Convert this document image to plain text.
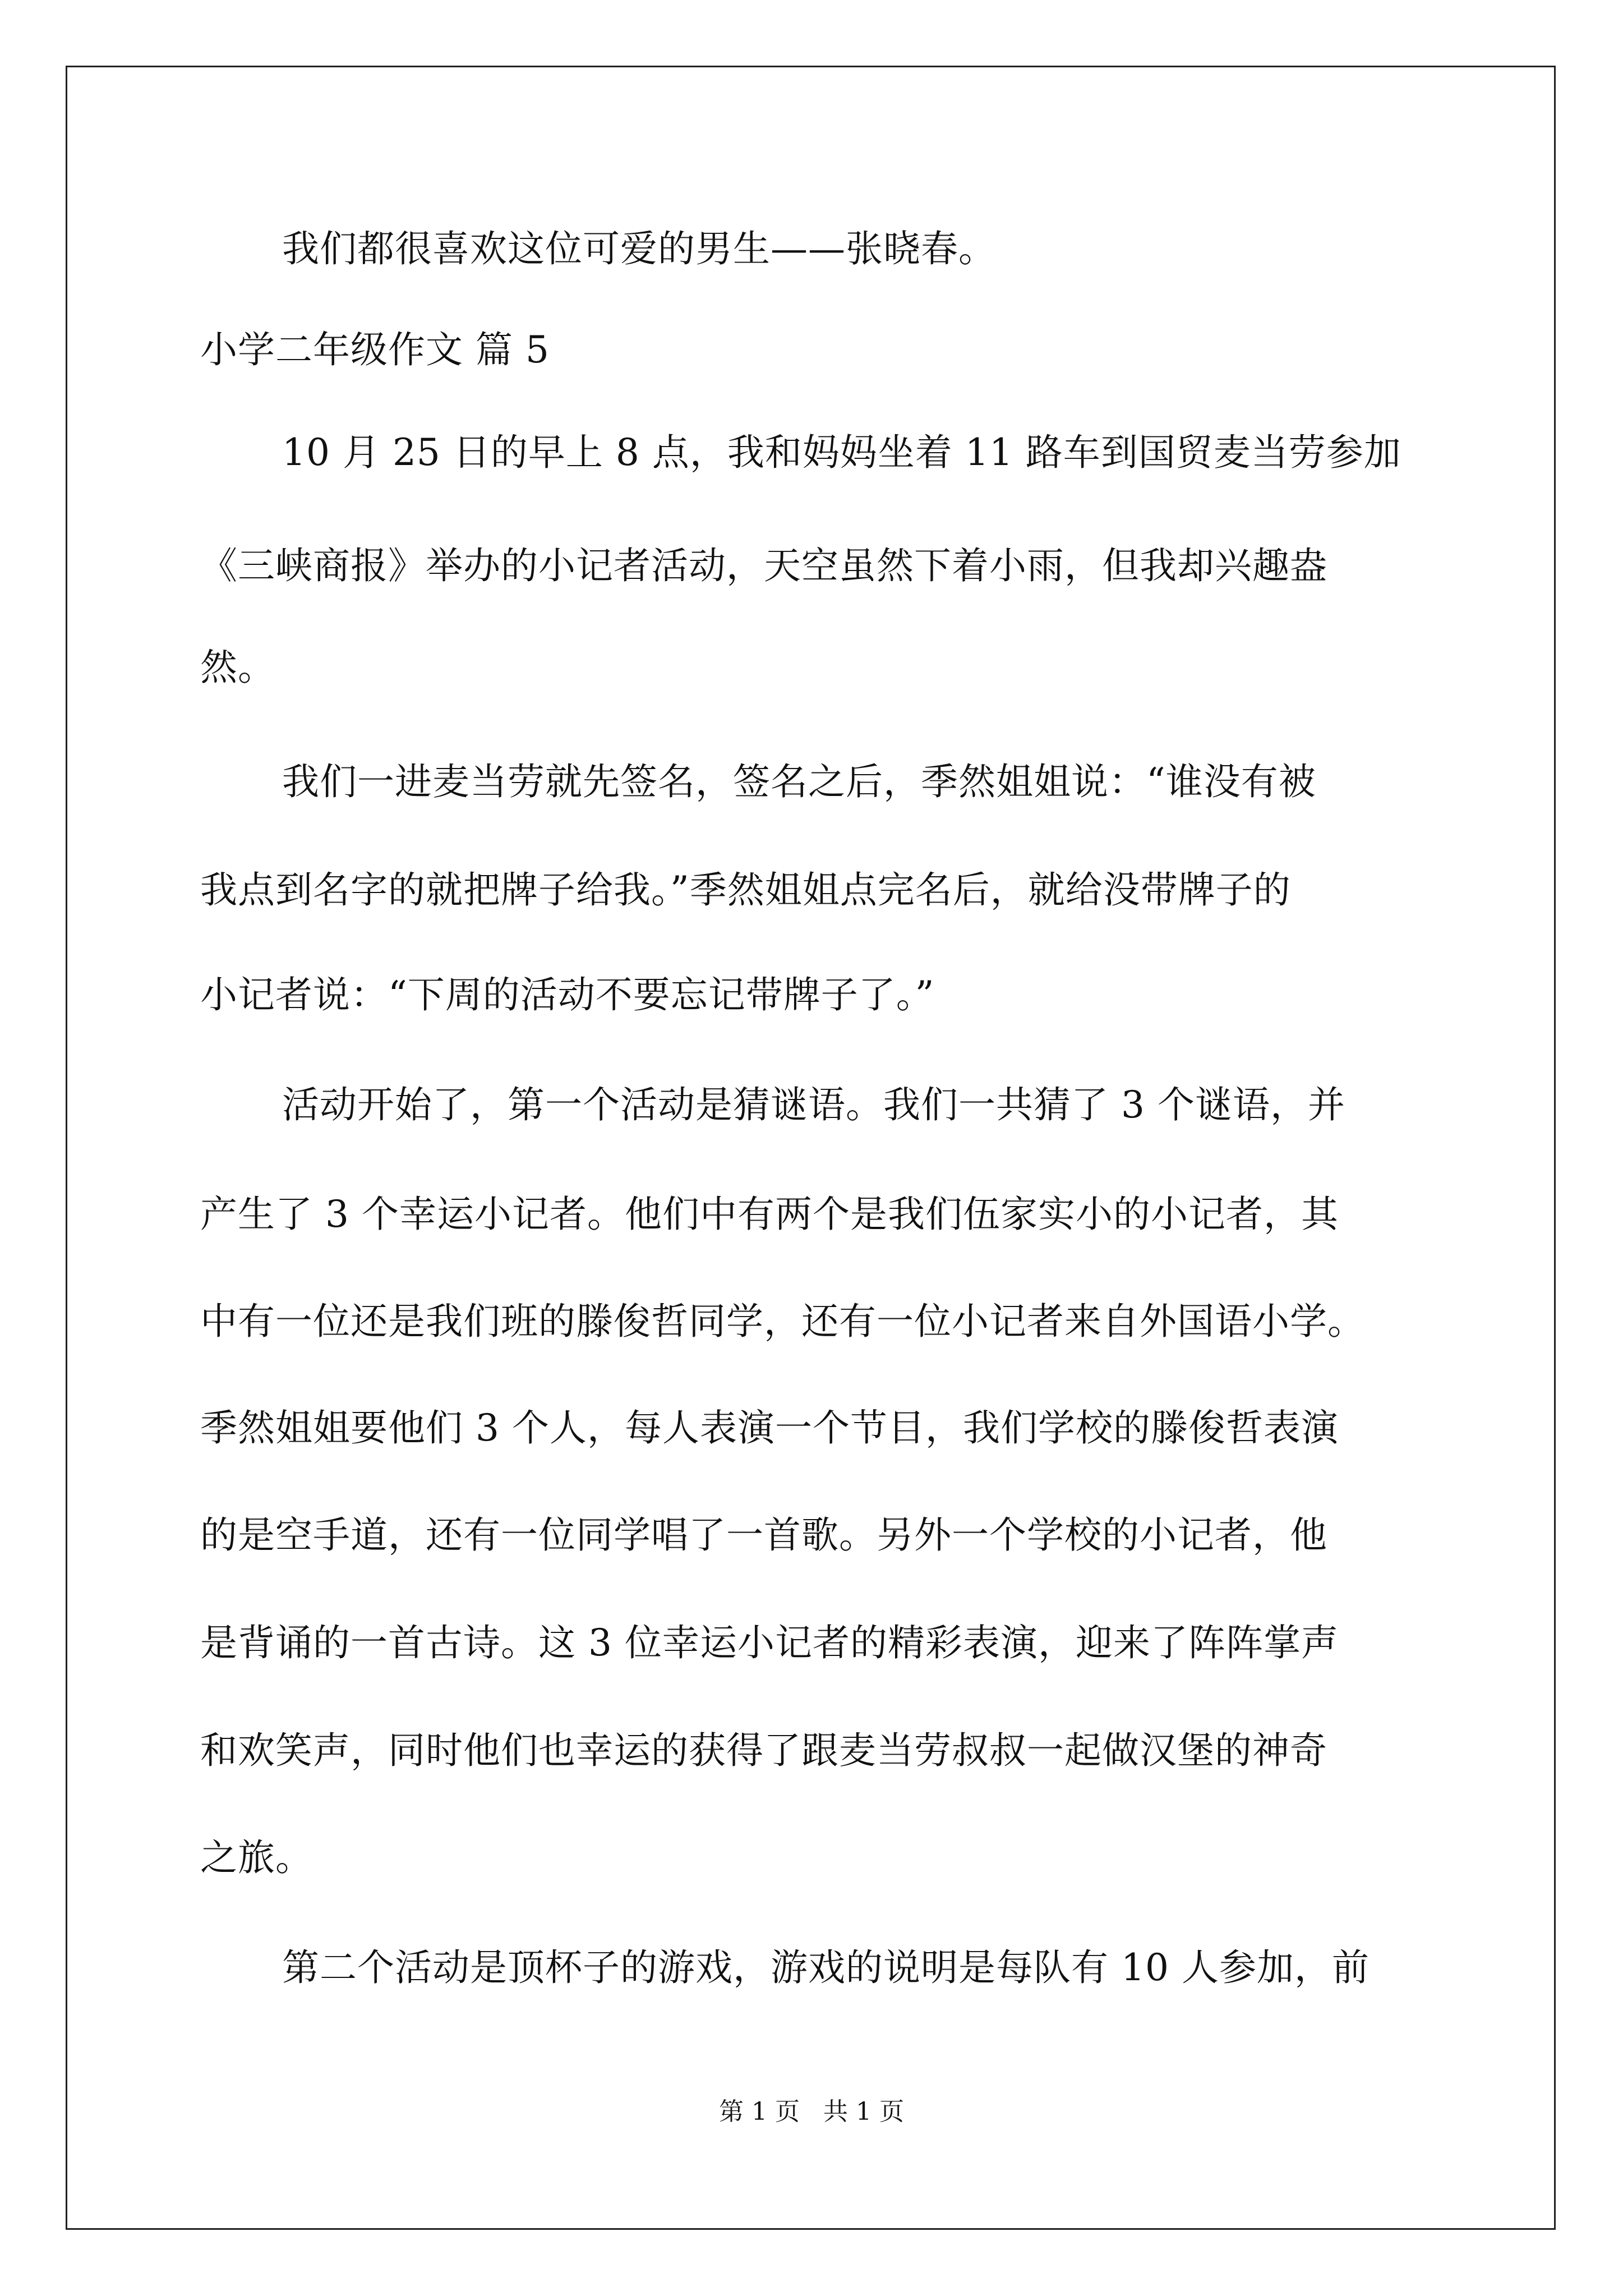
我们都很喜欢这位可爱的男生——张晓春。
小学二年级作文 篇 5
10 月 25 日的早上 8 点，我和妈妈坐着 11 路车到国贸麦当劳参加
《三峡商报》举办的小记者活动，天空虽然下着小雨，但我却兴趣盎
然。
我们一进麦当劳就先签名，签名之后，季然姐姐说：“谁没有被
我点到名字的就把牌子给我。”季然姐姐点完名后，就给没带牌子的
小记者说：“下周的活动不要忘记带牌子了。”
活动开始了，第一个活动是猜谜语。我们一共猜了 3 个谜语，并
产生了 3 个幸运小记者。他们中有两个是我们伍家实小的小记者，其
中有一位还是我们班的滕俊哲同学，还有一位小记者来自外国语小学。
季然姐姐要他们 3 个人，每人表演一个节目，我们学校的滕俊哲表演
的是空手道，还有一位同学唱了一首歌。另外一个学校的小记者，他
是背诵的一首古诗。这 3 位幸运小记者的精彩表演，迎来了阵阵掌声
和欢笑声，同时他们也幸运的获得了跟麦当劳叔叔一起做汉堡的神奇
之旅。
第二个活动是顶杯子的游戏，游戏的说明是每队有 10 人参加，前
第 1 页   共 1 页
